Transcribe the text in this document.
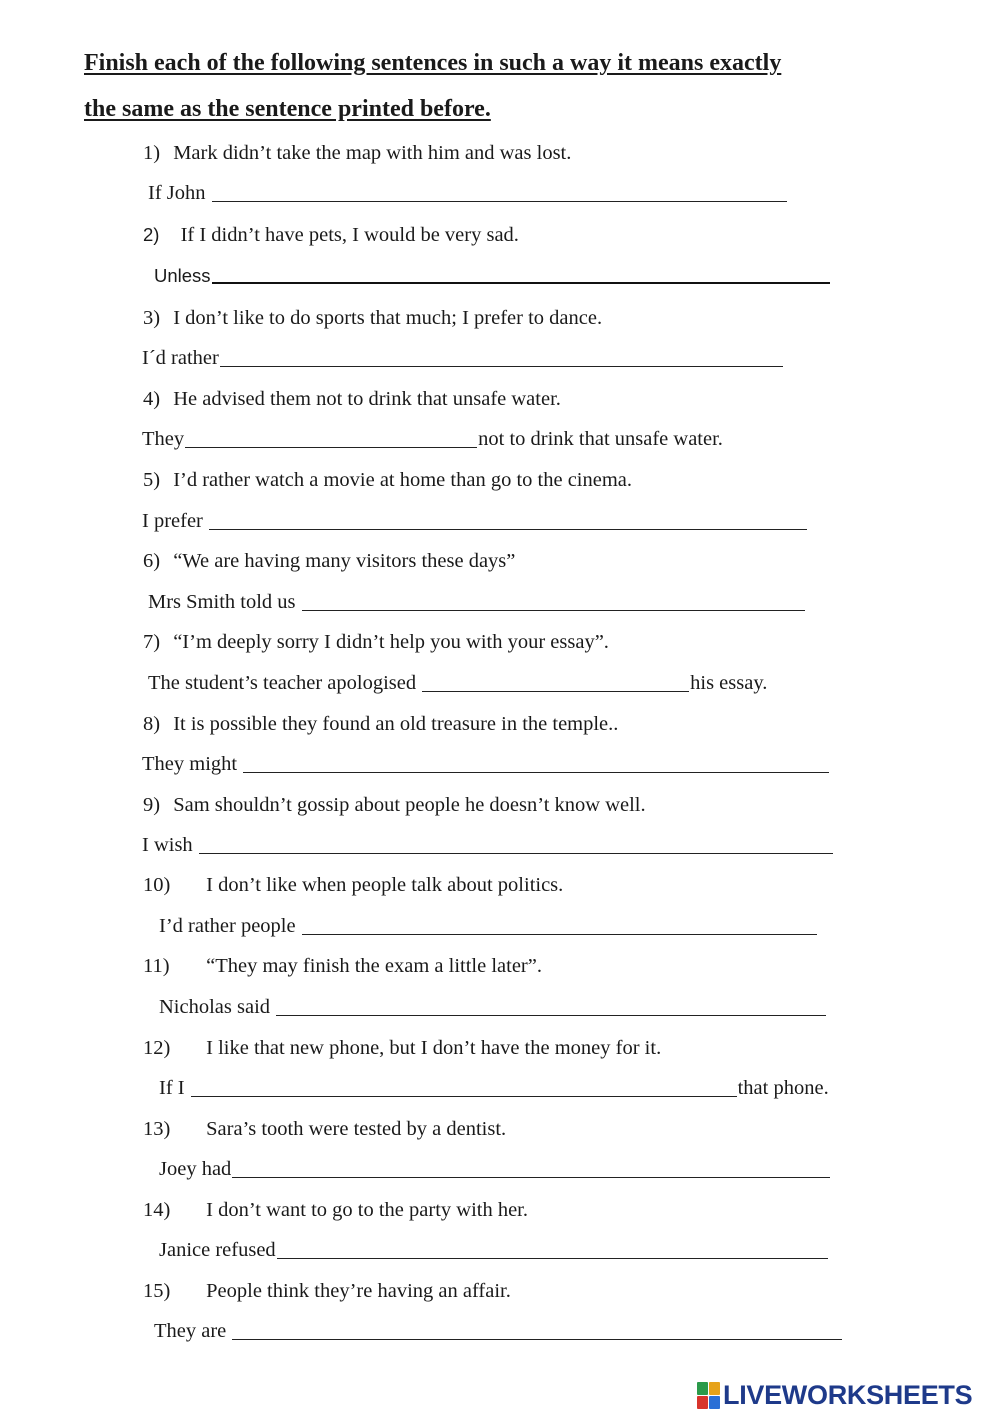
Finish each of the following sentences in such a way it means exactly
the same as the sentence printed before.
1) Mark didn’t take the map with him and was lost.
If John
2) If I didn’t have pets, I would be very sad.
Unless
3) I don’t like to do sports that much; I prefer to dance.
I´d rather
4) He advised them not to drink that unsafe water.
They	not to drink that unsafe water.
5) I’d rather watch a movie at home than go to the cinema.
I prefer
6) “We are having many visitors these days”
Mrs Smith told us
7) “I’m deeply sorry I didn’t help you with your essay”.
The student’s teacher apologised	his essay.
8) It is possible they found an old treasure in the temple..
They might
9) Sam shouldn’t gossip about people he doesn’t know well.
I wish
10) I don’t like when people talk about politics.
I’d rather people
11) “They may finish the exam a little later”.
Nicholas said
12) I like that new phone, but I don’t have the money for it.
If I	that phone.
13) Sara’s tooth were tested by a dentist.
Joey had
14) I don’t want to go to the party with her.
Janice refused
15) People think they’re having an affair.
They are
LIVEWORKSHEETS
